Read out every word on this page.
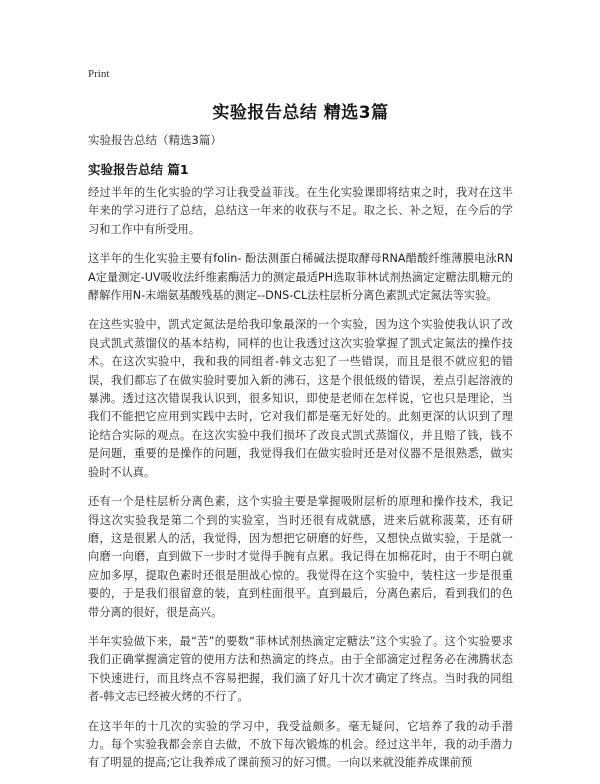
Print
实验报告总结 精选3篇
实验报告总结（精选3篇）
实验报告总结 篇1

经过半年的生化实验的学习让我受益菲浅。在生化实验课即将结束之时，我对在这半年来的学习进行了总结，总结这一年来的收获与不足。取之长、补之短，在今后的学习和工作中有所受用。

这半年的生化实验主要有folin- 酚法测蛋白稀碱法提取酵母RNA醋酸纤维薄膜电泳RNA定量测定-UV吸收法纤维素酶活力的测定最适PH选取菲林试剂热滴定定糖法肌糖元的酵解作用N-末端氨基酸残基的测定--DNS-CL法柱层析分离色素凯式定氮法等实验。

在这些实验中，凯式定氮法是给我印象最深的一个实验，因为这个实验使我认识了改良式凯式蒸馏仪的基本结构，同样的也让我透过这次实验掌握了凯式定氮法的操作技术。在这次实验中，我和我的同组者-韩文志犯了一些错误，而且是很不就应犯的错误，我们都忘了在做实验时要加入新的沸石，这是个很低级的错误，差点引起溶液的暴沸。透过这次错误我认识到，很多知识，即使是老师在怎样说，它也只是理论，当我们不能把它应用到实践中去时，它对我们都是毫无好处的。此刻更深的认识到了理论结合实际的观点。在这次实验中我们损坏了改良式凯式蒸馏仪，并且赔了钱，钱不是问题，重要的是操作的问题，我觉得我们在做实验时还是对仪器不是很熟悉，做实验时不认真。

还有一个是柱层析分离色素，这个实验主要是掌握吸附层析的原理和操作技术，我记得这次实验我是第二个到的实验室，当时还很有成就感，进来后就称菠菜，还有研磨，这是很累人的活，我觉得，因为想把它研磨的好些，又想快点做实验，于是就一向磨一向磨，直到做下一步时才觉得手腕有点累。我记得在加棉花时，由于不明白就应加多厚，提取色素时还很是胆战心惊的。我觉得在这个实验中，装柱这一步是很重要的，于是我们很留意的装，直到柱面很平。直到最后，分离色素后，看到我们的色带分离的很好，很是高兴。

半年实验做下来，最“苦”的要数“菲林试剂热滴定定糖法”这个实验了。这个实验要求我们正确掌握滴定管的使用方法和热滴定的终点。由于全部滴定过程务必在沸腾状态下快速进行，而且终点不容易把握，我们滴了好几十次才确定了终点。当时我的同组者-韩文志已经被火烤的不行了。

在这半年的十几次的实验的学习中，我受益颇多。毫无疑问，它培养了我的动手潜力。每个实验我都会亲自去做，不放下每次锻炼的机会。经过这半年，我的动手潜力有了明显的提高;它让我养成了课前预习的好习惯。一向以来就没能养成课前预
